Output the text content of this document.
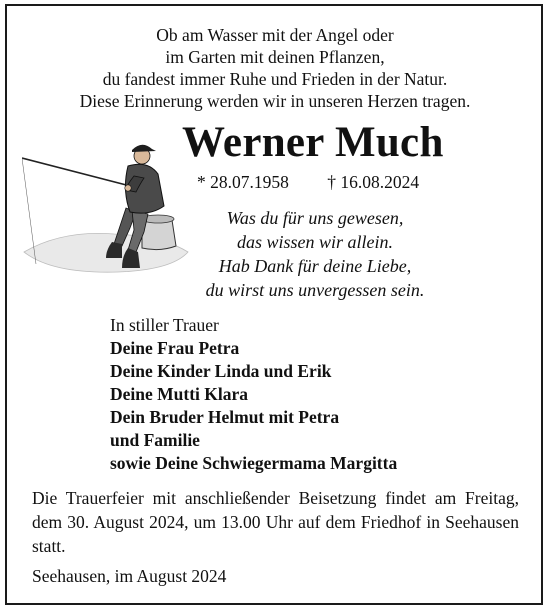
Ob am Wasser mit der Angel oder
im Garten mit deinen Pflanzen,
du fandest immer Ruhe und Frieden in der Natur.
Diese Erinnerung werden wir in unseren Herzen tragen.
Werner Much
* 28.07.1958 † 16.08.2024
Was du für uns gewesen,
das wissen wir allein.
Hab Dank für deine Liebe,
du wirst uns unvergessen sein.
In stiller Trauer
Deine Frau Petra
Deine Kinder Linda und Erik
Deine Mutti Klara
Dein Bruder Helmut mit Petra
und Familie
sowie Deine Schwiegermama Margitta
Die Trauerfeier mit anschließender Beisetzung findet am Freitag, dem 30. August 2024, um 13.00 Uhr auf dem Friedhof in Seehausen statt.
Seehausen, im August 2024
